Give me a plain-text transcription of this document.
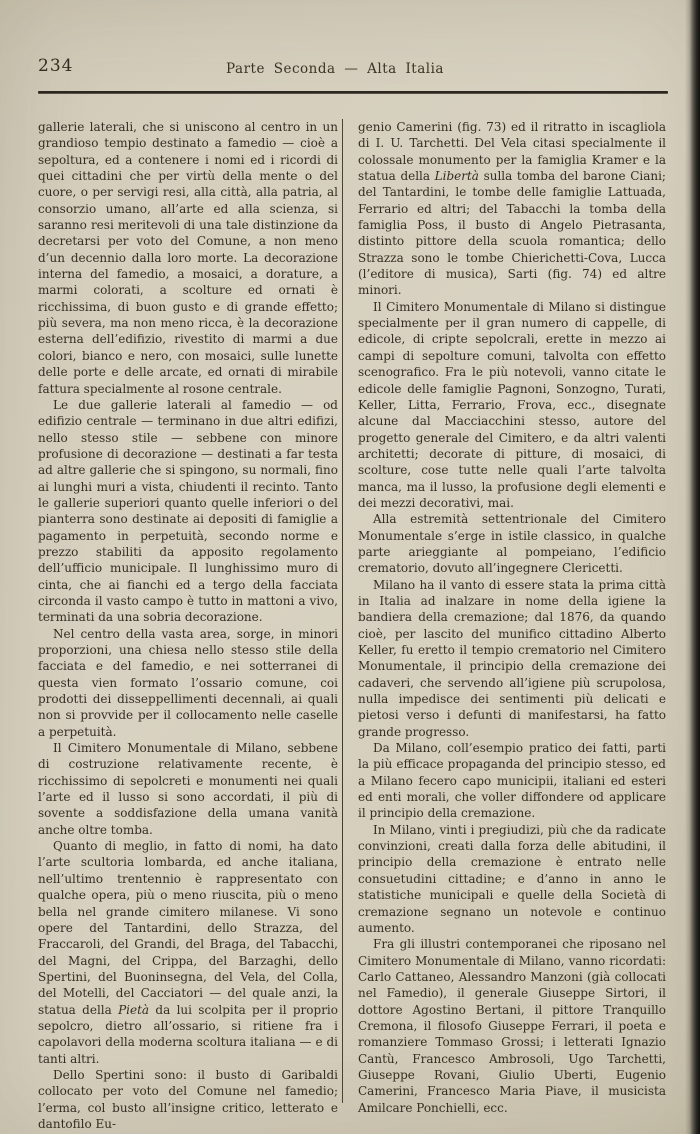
234	Parte Seconda — Alta Italia

gallerie laterali, che si uniscono al centro in un grandioso tempio destinato a famedio — cioè a sepoltura, ed a contenere i nomi ed i ricordi di quei cittadini che per virtù della mente o del cuore, o per servigi resi, alla città, alla patria, al consorzio umano, all’arte ed alla scienza, si saranno resi meritevoli di una tale distinzione da decretarsi per voto del Comune, a non meno d’un decennio dalla loro morte. La decorazione interna del famedio, a mosaici, a dorature, a marmi colorati, a scolture ed ornati è ricchissima, di buon gusto e di grande effetto; più severa, ma non meno ricca, è la decorazione esterna dell’edifizio, rivestito di marmi a due colori, bianco e nero, con mosaici, sulle lunette delle porte e delle arcate, ed ornati di mirabile fattura specialmente al rosone centrale.

Le due gallerie laterali al famedio — od edifizio centrale — terminano in due altri edifizi, nello stesso stile — sebbene con minore profusione di decorazione — destinati a far testa ad altre gallerie che si spingono, su normali, fino ai lunghi muri a vista, chiudenti il recinto. Tanto le gallerie superiori quanto quelle inferiori o del pianterra sono destinate ai depositi di famiglie a pagamento in perpetuità, secondo norme e prezzo stabiliti da apposito regolamento dell’ufficio municipale. Il lunghissimo muro di cinta, che ai fianchi ed a tergo della facciata circonda il vasto campo è tutto in mattoni a vivo, terminati da una sobria decorazione.

Nel centro della vasta area, sorge, in minori proporzioni, una chiesa nello stesso stile della facciata e del famedio, e nei sotterranei di questa vien formato l’ossario comune, coi prodotti dei disseppellimenti decennali, ai quali non si provvide per il collocamento nelle caselle a perpetuità.

Il Cimitero Monumentale di Milano, sebbene di costruzione relativamente recente, è ricchissimo di sepolcreti e monumenti nei quali l’arte ed il lusso si sono accordati, il più di sovente a soddisfazione della umana vanità anche oltre tomba.

Quanto di meglio, in fatto di nomi, ha dato l’arte scultoria lombarda, ed anche italiana, nell’ultimo trentennio è rappresentato con qualche opera, più o meno riuscita, più o meno bella nel grande cimitero milanese. Vi sono opere del Tantardini, dello Strazza, del Fraccaroli, del Grandi, del Braga, del Tabacchi, del Magni, del Crippa, del Barzaghi, dello Spertini, del Buoninsegna, del Vela, del Colla, del Motelli, del Cacciatori — del quale anzi, la statua della Pietà da lui scolpita per il proprio sepolcro, dietro all’ossario, si ritiene fra i capolavori della moderna scoltura italiana — e di tanti altri.

Dello Spertini sono: il busto di Garibaldi collocato per voto del Comune nel famedio; l’erma, col busto all’insigne critico, letterato e dantofilo Eu-

genio Camerini (fig. 73) ed il ritratto in iscagliola di I. U. Tarchetti. Del Vela citasi specialmente il colossale monumento per la famiglia Kramer e la statua della Libertà sulla tomba del barone Ciani; del Tantardini, le tombe delle famiglie Lattuada, Ferrario ed altri; del Tabacchi la tomba della famiglia Poss, il busto di Angelo Pietrasanta, distinto pittore della scuola romantica; dello Strazza sono le tombe Chierichetti-Cova, Lucca (l’editore di musica), Sarti (fig. 74) ed altre minori.

Il Cimitero Monumentale di Milano si distingue specialmente per il gran numero di cappelle, di edicole, di cripte sepolcrali, erette in mezzo ai campi di sepolture comuni, talvolta con effetto scenografico. Fra le più notevoli, vanno citate le edicole delle famiglie Pagnoni, Sonzogno, Turati, Keller, Litta, Ferrario, Frova, ecc., disegnate alcune dal Macciacchini stesso, autore del progetto generale del Cimitero, e da altri valenti architetti; decorate di pitture, di mosaici, di scolture, cose tutte nelle quali l’arte talvolta manca, ma il lusso, la profusione degli elementi e dei mezzi decorativi, mai.

Alla estremità settentrionale del Cimitero Monumentale s’erge in istile classico, in qualche parte arieggiante al pompeiano, l’edificio crematorio, dovuto all’ingegnere Clericetti.

Milano ha il vanto di essere stata la prima città in Italia ad inalzare in nome della igiene la bandiera della cremazione; dal 1876, da quando cioè, per lascito del munifico cittadino Alberto Keller, fu eretto il tempio crematorio nel Cimitero Monumentale, il principio della cremazione dei cadaveri, che servendo all’igiene più scrupolosa, nulla impedisce dei sentimenti più delicati e pietosi verso i defunti di manifestarsi, ha fatto grande progresso.

Da Milano, coll’esempio pratico dei fatti, parti la più efficace propaganda del principio stesso, ed a Milano fecero capo municipii, italiani ed esteri ed enti morali, che voller diffondere od applicare il principio della cremazione.

In Milano, vinti i pregiudizi, più che da radicate convinzioni, creati dalla forza delle abitudini, il principio della cremazione è entrato nelle consuetudini cittadine; e d’anno in anno le statistiche municipali e quelle della Società di cremazione segnano un notevole e continuo aumento.

Fra gli illustri contemporanei che riposano nel Cimitero Monumentale di Milano, vanno ricordati: Carlo Cattaneo, Alessandro Manzoni (già collocati nel Famedio), il generale Giuseppe Sirtori, il dottore Agostino Bertani, il pittore Tranquillo Cremona, il filosofo Giuseppe Ferrari, il poeta e romanziere Tommaso Grossi; i letterati Ignazio Cantù, Francesco Ambrosoli, Ugo Tarchetti, Giuseppe Rovani, Giulio Uberti, Eugenio Camerini, Francesco Maria Piave, il musicista Amilcare Ponchielli, ecc.
